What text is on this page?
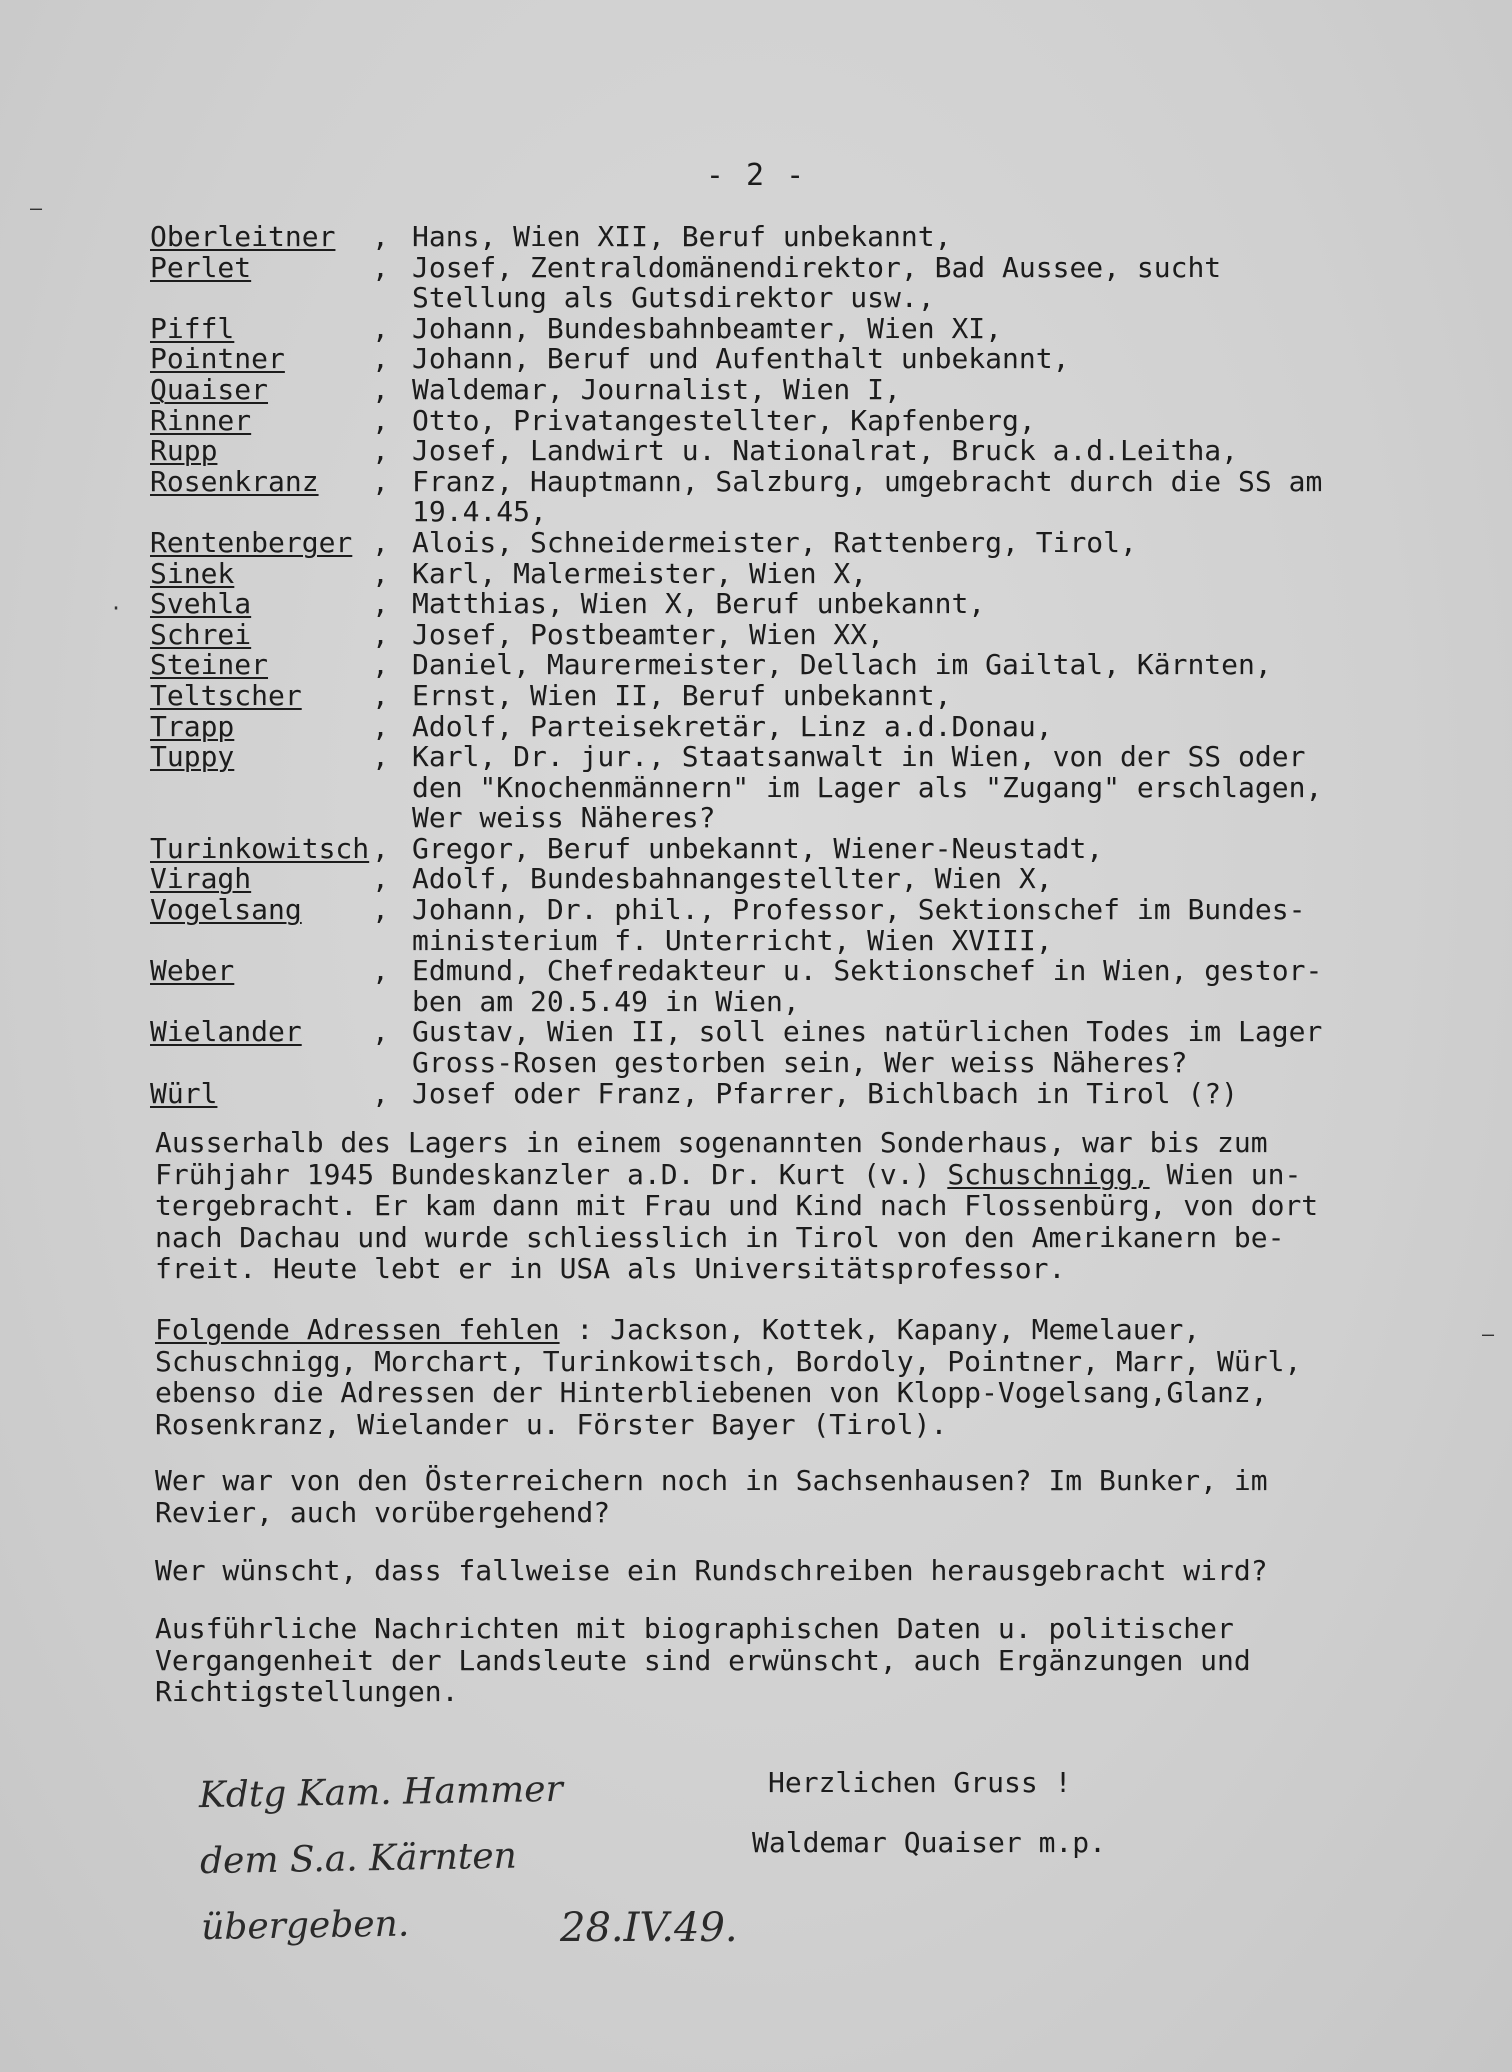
- 2 -
Oberleitner	, Hans, Wien XII, Beruf unbekannt,
Perlet	, Josef, Zentraldomänendirektor, Bad Aussee, sucht
Stellung als Gutsdirektor usw.,
Piffl	, Johann, Bundesbahnbeamter, Wien XI,
Pointner	, Johann, Beruf und Aufenthalt unbekannt,
Quaiser	, Waldemar, Journalist, Wien I,
Rinner	, Otto, Privatangestellter, Kapfenberg,
Rupp	, Josef, Landwirt u. Nationalrat, Bruck a.d.Leitha,
Rosenkranz	, Franz, Hauptmann, Salzburg, umgebracht durch die SS am
19.4.45,
Rentenberger , Alois, Schneidermeister, Rattenberg, Tirol,
Sinek	, Karl, Malermeister, Wien X,
Svehla	, Matthias, Wien X, Beruf unbekannt,
Schrei	, Josef, Postbeamter, Wien XX,
Steiner	, Daniel, Maurermeister, Dellach im Gailtal, Kärnten,
Teltscher	, Ernst, Wien II, Beruf unbekannt,
Trapp	, Adolf, Parteisekretär, Linz a.d.Donau,
Tuppy	, Karl, Dr. jur., Staatsanwalt in Wien, von der SS oder
den "Knochenmännern" im Lager als "Zugang" erschlagen,
Wer weiss Näheres?
Turinkowitsch , Gregor, Beruf unbekannt, Wiener-Neustadt,
Viragh	, Adolf, Bundesbahnangestellter, Wien X,
Vogelsang	, Johann, Dr. phil., Professor, Sektionschef im Bundes-
ministerium f. Unterricht, Wien XVIII,
Weber	, Edmund, Chefredakteur u. Sektionschef in Wien, gestor-
ben am 20.5.49 in Wien,
Wielander	, Gustav, Wien II, soll eines natürlichen Todes im Lager
Gross-Rosen gestorben sein, Wer weiss Näheres?
Würl	, Josef oder Franz, Pfarrer, Bichlbach in Tirol (?)
Ausserhalb des Lagers in einem sogenannten Sonderhaus, war bis zum
Frühjahr 1945 Bundeskanzler a.D. Dr. Kurt (v.) Schuschnigg, Wien un-
tergebracht. Er kam dann mit Frau und Kind nach Flossenbürg, von dort
nach Dachau und wurde schliesslich in Tirol von den Amerikanern be-
freit. Heute lebt er in USA als Universitätsprofessor.
Folgende Adressen fehlen : Jackson, Kottek, Kapany, Memelauer,
Schuschnigg, Morchart, Turinkowitsch, Bordoly, Pointner, Marr, Würl,
ebenso die Adressen der Hinterbliebenen von Klopp-Vogelsang,Glanz,
Rosenkranz, Wielander u. Förster Bayer (Tirol).
Wer war von den Österreichern noch in Sachsenhausen? Im Bunker, im
Revier, auch vorübergehend?
Wer wünscht, dass fallweise ein Rundschreiben herausgebracht wird?
Ausführliche Nachrichten mit biographischen Daten u. politischer
Vergangenheit der Landsleute sind erwünscht, auch Ergänzungen und
Richtigstellungen.
Herzlichen Gruss !
Waldemar Quaiser m.p.
Kdtg Kam. Hammer
dem S.a. Kärnten
übergeben.	28.IV.49.
—
·
—
